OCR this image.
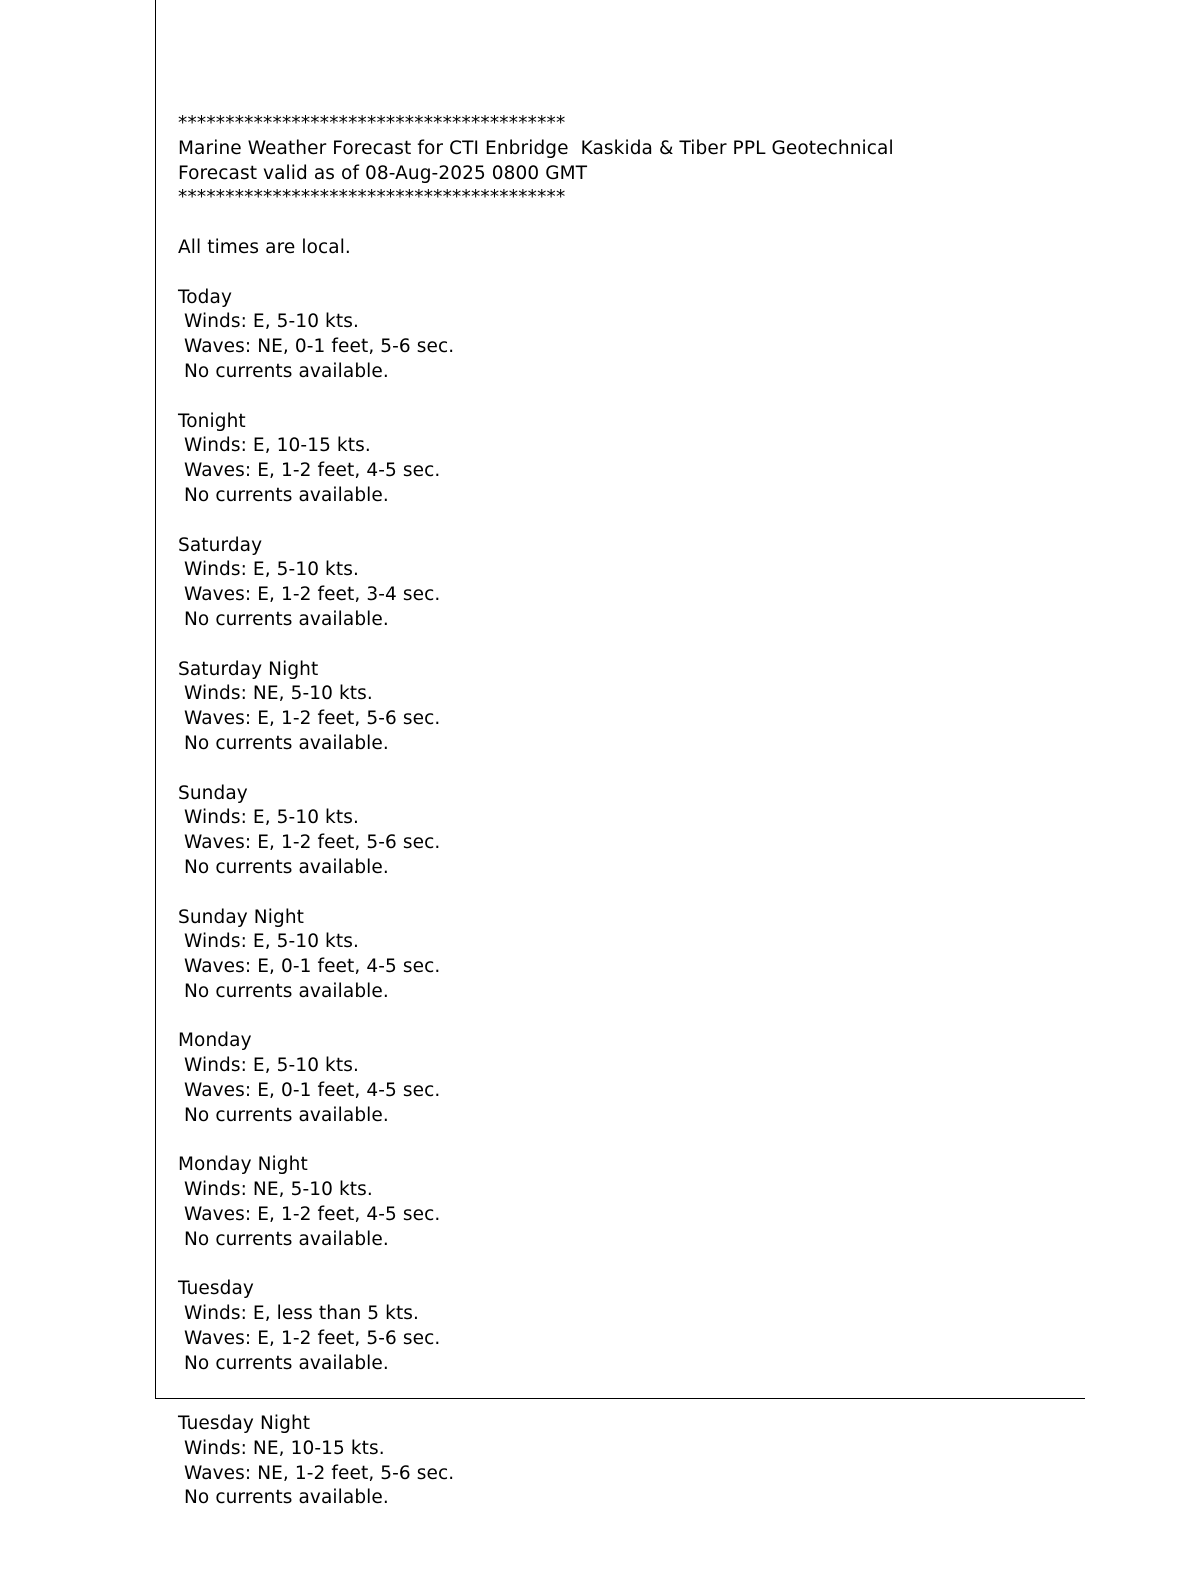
*****************************************
Marine Weather Forecast for CTI Enbridge  Kaskida & Tiber PPL Geotechnical
Forecast valid as of 08-Aug-2025 0800 GMT
*****************************************
All times are local.
Today
Winds: E, 5-10 kts.
Waves: NE, 0-1 feet, 5-6 sec.
No currents available.
Tonight
Winds: E, 10-15 kts.
Waves: E, 1-2 feet, 4-5 sec.
No currents available.
Saturday
Winds: E, 5-10 kts.
Waves: E, 1-2 feet, 3-4 sec.
No currents available.
Saturday Night
Winds: NE, 5-10 kts.
Waves: E, 1-2 feet, 5-6 sec.
No currents available.
Sunday
Winds: E, 5-10 kts.
Waves: E, 1-2 feet, 5-6 sec.
No currents available.
Sunday Night
Winds: E, 5-10 kts.
Waves: E, 0-1 feet, 4-5 sec.
No currents available.
Monday
Winds: E, 5-10 kts.
Waves: E, 0-1 feet, 4-5 sec.
No currents available.
Monday Night
Winds: NE, 5-10 kts.
Waves: E, 1-2 feet, 4-5 sec.
No currents available.
Tuesday
Winds: E, less than 5 kts.
Waves: E, 1-2 feet, 5-6 sec.
No currents available.
Tuesday Night
Winds: NE, 10-15 kts.
Waves: NE, 1-2 feet, 5-6 sec.
No currents available.
